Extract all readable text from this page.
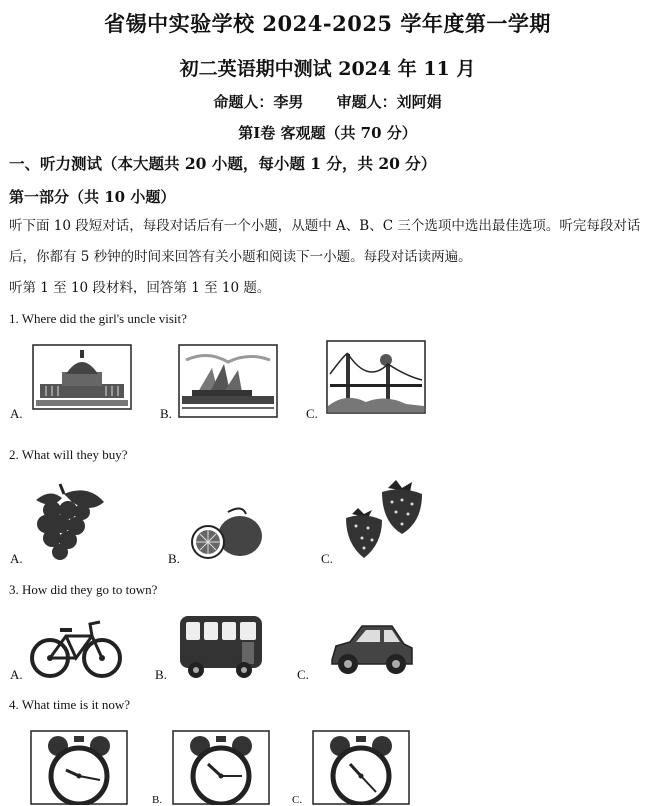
省锡中实验学校 2024-2025 学年度第一学期
初二英语期中测试 2024 年 11 月
命题人：李男 审题人：刘阿娟
第Ⅰ卷 客观题（共 70 分）
一、听力测试（本大题共 20 小题，每小题 1 分，共 20 分）
第一部分（共 10 小题）
听下面 10 段短对话，每段对话后有一个小题，从题中 A、B、C 三个选项中选出最佳选项。听完每段对话
后，你都有 5 秒钟的时间来回答有关小题和阅读下一小题。每段对话读两遍。
听第 1 至 10 段材料，回答第 1 至 10 题。
1. Where did the girl's uncle visit?
A.	B.	C.
2. What will they buy?
A.	B.	C.
3. How did they go to town?
A.	B.	C.
4. What time is it now?
B.	C.
